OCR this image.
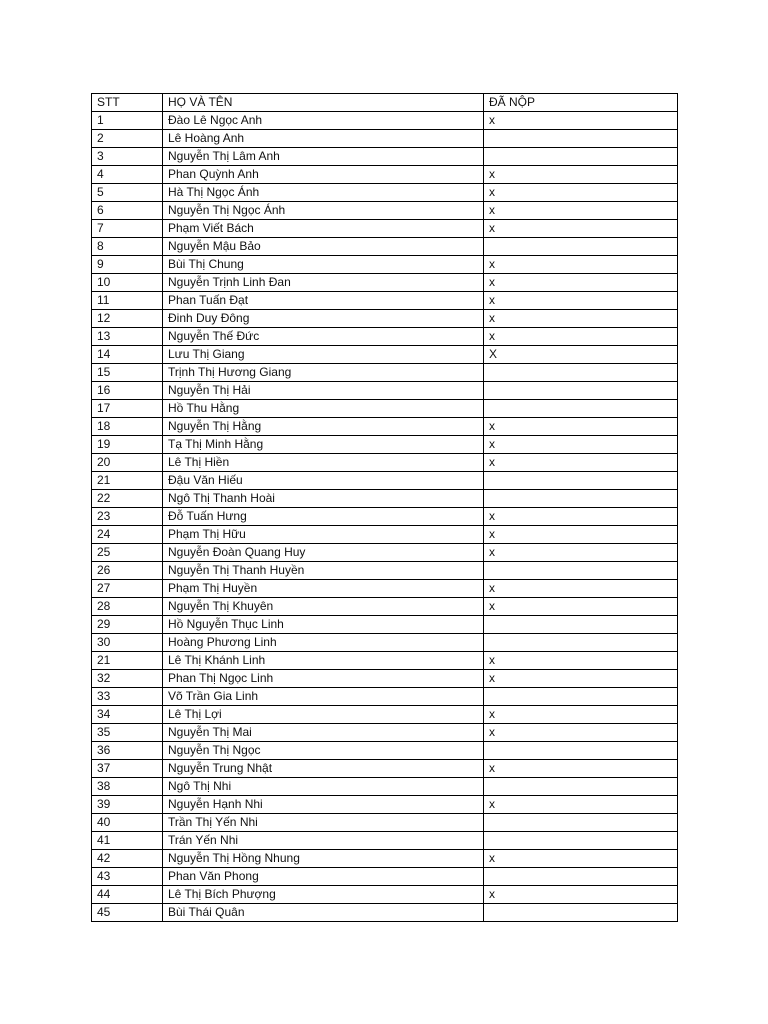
STT	HỌ VÀ TÊN	ĐÃ NỘP
1	Đào Lê Ngọc Anh	x
2	Lê Hoàng Anh	
3	Nguyễn Thị Lâm Anh	
4	Phan Quỳnh Anh	x
5	Hà Thị Ngọc Ánh	x
6	Nguyễn Thị Ngọc Ánh	x
7	Phạm Viết Bách	x
8	Nguyễn Mậu Bảo	
9	Bùi Thị Chung	x
10	Nguyễn Trịnh Linh Đan	x
11	Phan Tuấn Đạt	x
12	Đinh Duy Đông	x
13	Nguyễn Thế Đức	x
14	Lưu Thị Giang	X
15	Trịnh Thị Hương Giang	
16	Nguyễn Thị Hải	
17	Hồ Thu Hằng	
18	Nguyễn Thị Hằng	x
19	Tạ Thị Minh Hằng	x
20	Lê Thị Hiền	x
21	Đậu Văn Hiếu	
22	Ngô Thị Thanh Hoài	
23	Đỗ Tuấn Hưng	x
24	Phạm Thị Hữu	x
25	Nguyễn Đoàn Quang Huy	x
26	Nguyễn Thị Thanh Huyền	
27	Phạm Thị Huyền	x
28	Nguyễn Thị Khuyên	x
29	Hồ Nguyễn Thục Linh	
30	Hoàng Phương Linh	
21	Lê Thị Khánh Linh	x
32	Phan Thị Ngọc Linh	x
33	Võ Trần Gia Linh	
34	Lê Thị Lợi	x
35	Nguyễn Thị Mai	x
36	Nguyễn Thị Ngọc	
37	Nguyễn Trung Nhật	x
38	Ngô Thị Nhi	
39	Nguyễn Hạnh Nhi	x
40	Trần Thị Yến Nhi	
41	Trán Yến Nhi	
42	Nguyễn Thị Hồng Nhung	x
43	Phan Văn Phong	
44	Lê Thị Bích Phượng	x
45	Bùi Thái Quân	
